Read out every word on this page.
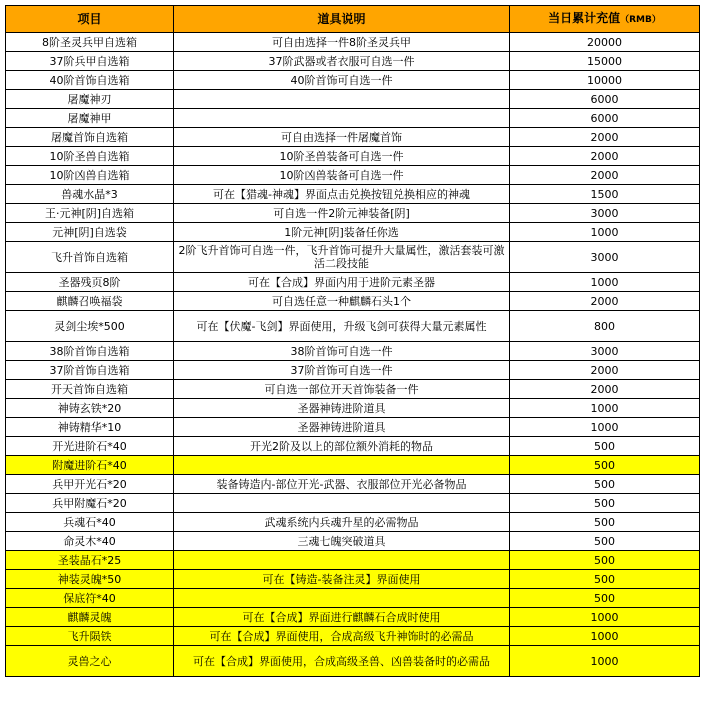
项目	道具说明	当日累计充值（RMB）
8阶圣灵兵甲自选箱	可自由选择一件8阶圣灵兵甲	20000
37阶兵甲自选箱	37阶武器或者衣服可自选一件	15000
40阶首饰自选箱	40阶首饰可自选一件	10000
屠魔神刃		6000
屠魔神甲		6000
屠魔首饰自选箱	可自由选择一件屠魔首饰	2000
10阶圣兽自选箱	10阶圣兽装备可自选一件	2000
10阶凶兽自选箱	10阶凶兽装备可自选一件	2000
兽魂水晶*3	可在【猎魂-神魂】界面点击兑换按钮兑换相应的神魂	1500
王·元神[阴]自选箱	可自选一件2阶元神装备[阴]	3000
元神[阴]自选袋	1阶元神[阴]装备任你选	1000
飞升首饰自选箱	2阶飞升首饰可自选一件，飞升首饰可提升大量属性，激活套装可激活二段技能	3000
圣器残页8阶	可在【合成】界面内用于进阶元素圣器	1000
麒麟召唤福袋	可自选任意一种麒麟石头1个	2000
灵剑尘埃*500	可在【伏魔-飞剑】界面使用，升级飞剑可获得大量元素属性	800
38阶首饰自选箱	38阶首饰可自选一件	3000
37阶首饰自选箱	37阶首饰可自选一件	2000
开天首饰自选箱	可自选一部位开天首饰装备一件	2000
神铸玄铁*20	圣器神铸进阶道具	1000
神铸精华*10	圣器神铸进阶道具	1000
开光进阶石*40	开光2阶及以上的部位额外消耗的物品	500
附魔进阶石*40		500
兵甲开光石*20	装备铸造内-部位开光-武器、衣服部位开光必备物品	500
兵甲附魔石*20		500
兵魂石*40	武魂系统内兵魂升星的必需物品	500
命灵木*40	三魂七魄突破道具	500
圣装晶石*25		500
神装灵魄*50	可在【铸造-装备注灵】界面使用	500
保底符*40		500
麒麟灵魄	可在【合成】界面进行麒麟石合成时使用	1000
飞升陨铁	可在【合成】界面使用，合成高级飞升神饰时的必需品	1000
灵兽之心	可在【合成】界面使用，合成高级圣兽、凶兽装备时的必需品	1000
